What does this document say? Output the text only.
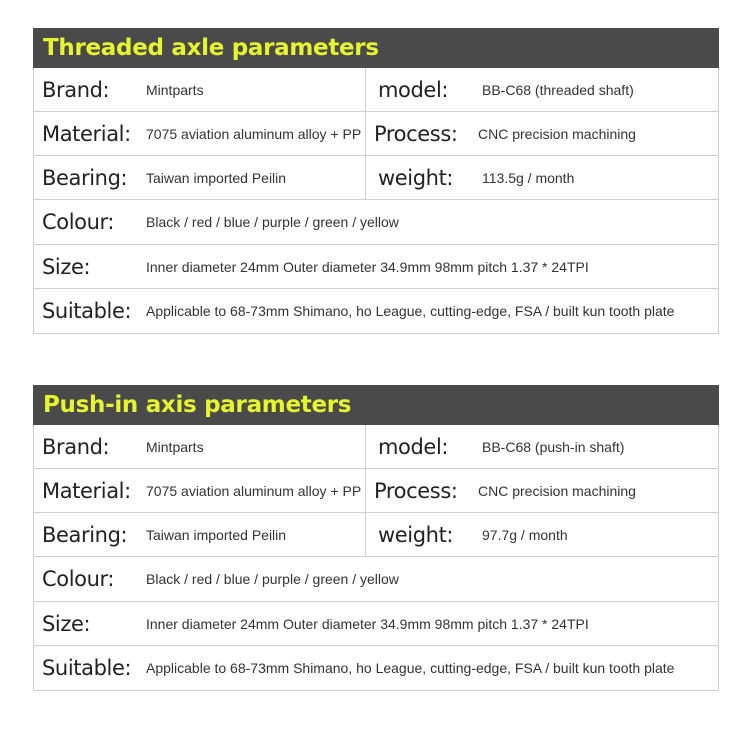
Threaded axle parameters
Brand:	Mintparts	model:	BB-C68 (threaded shaft)
Material:	7075 aviation aluminum alloy + PP Process:	CNC precision machining
Bearing:	Taiwan imported Peilin	weight:	113.5g / month
Colour:	Black / red / blue / purple / green / yellow
Size:	Inner diameter 24mm Outer diameter 34.9mm 98mm pitch 1.37 * 24TPI
Suitable:	Applicable to 68-73mm Shimano, ho League, cutting-edge, FSA / built kun tooth plate
Push-in axis parameters
Brand:	Mintparts	model:	BB-C68 (push-in shaft)
Material:	7075 aviation aluminum alloy + PP Process:	CNC precision machining
Bearing:	Taiwan imported Peilin	weight:	97.7g / month
Colour:	Black / red / blue / purple / green / yellow
Size:	Inner diameter 24mm Outer diameter 34.9mm 98mm pitch 1.37 * 24TPI
Suitable:	Applicable to 68-73mm Shimano, ho League, cutting-edge, FSA / built kun tooth plate
